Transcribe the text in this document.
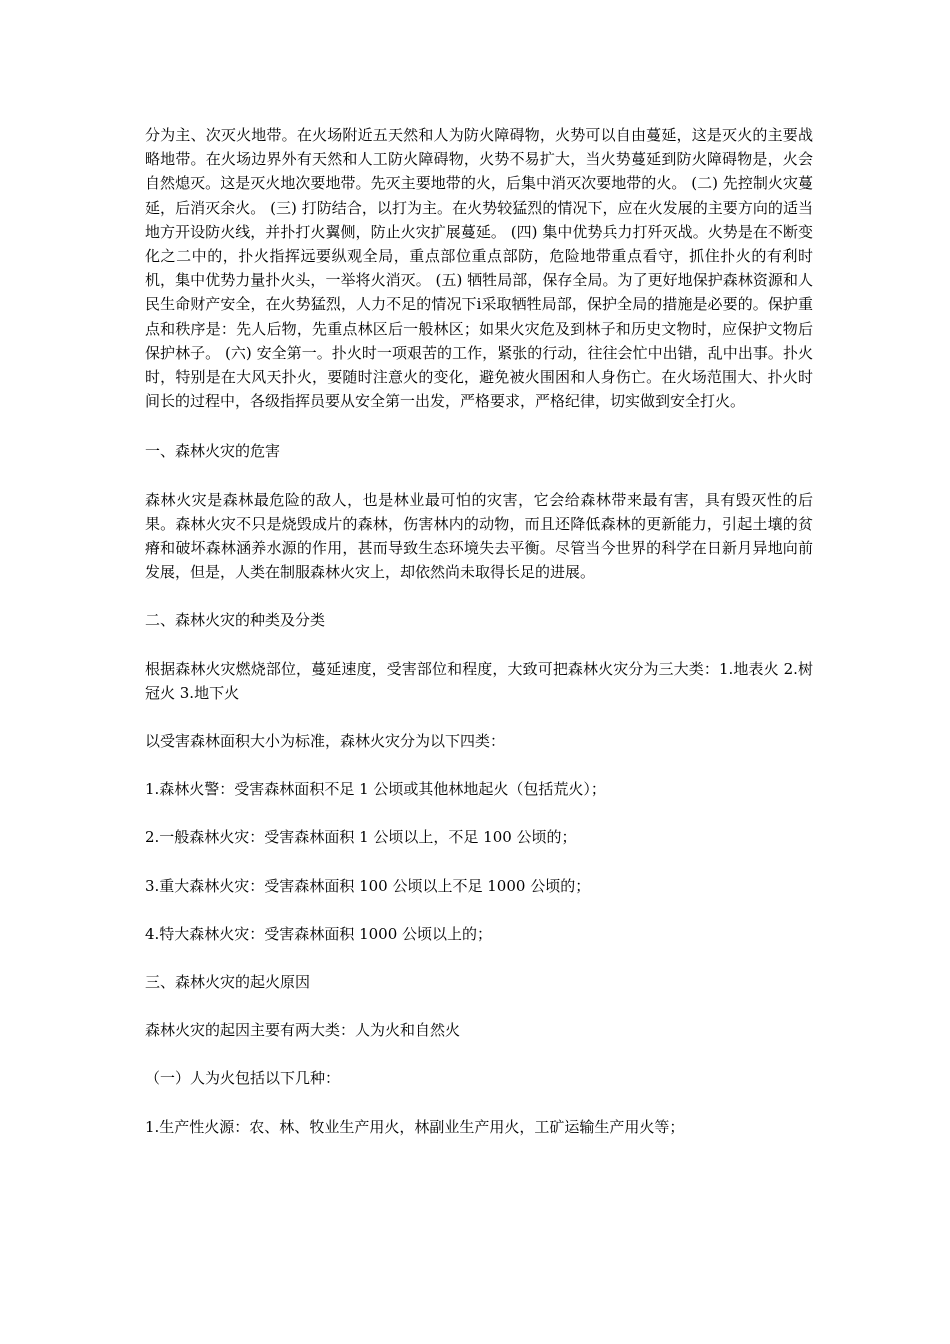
分为主、次灭火地带。在火场附近五天然和人为防火障碍物，火势可以自由蔓延，这是灭火的主要战略地带。在火场边界外有天然和人工防火障碍物，火势不易扩大，当火势蔓延到防火障碍物是，火会自然熄灭。这是灭火地次要地带。先灭主要地带的火，后集中消灭次要地带的火。 (二) 先控制火灾蔓延，后消灭余火。 (三) 打防结合，以打为主。在火势较猛烈的情况下，应在火发展的主要方向的适当地方开设防火线，并扑打火翼侧，防止火灾扩展蔓延。 (四) 集中优势兵力打歼灭战。火势是在不断变化之二中的，扑火指挥远要纵观全局，重点部位重点部防，危险地带重点看守，抓住扑火的有利时机，集中优势力量扑火头，一举将火消灭。 (五) 牺牲局部，保存全局。为了更好地保护森林资源和人民生命财产安全，在火势猛烈，人力不足的情况下i采取牺牲局部，保护全局的措施是必要的。保护重点和秩序是：先人后物，先重点林区后一般林区；如果火灾危及到林子和历史文物时，应保护文物后保护林子。 (六) 安全第一。扑火时一项艰苦的工作，紧张的行动，往往会忙中出错，乱中出事。扑火时，特别是在大风天扑火，要随时注意火的变化，避免被火围困和人身伤亡。在火场范围大、扑火时间长的过程中，各级指挥员要从安全第一出发，严格要求，严格纪律，切实做到安全打火。

一、森林火灾的危害

森林火灾是森林最危险的敌人，也是林业最可怕的灾害，它会给森林带来最有害，具有毁灭性的后果。森林火灾不只是烧毁成片的森林，伤害林内的动物，而且还降低森林的更新能力，引起土壤的贫瘠和破坏森林涵养水源的作用，甚而导致生态环境失去平衡。尽管当今世界的科学在日新月异地向前发展，但是，人类在制服森林火灾上，却依然尚未取得长足的进展。

二、森林火灾的种类及分类

根据森林火灾燃烧部位，蔓延速度，受害部位和程度，大致可把森林火灾分为三大类：1.地表火 2.树冠火 3.地下火

以受害森林面积大小为标准，森林火灾分为以下四类：

1.森林火警：受害森林面积不足 1 公顷或其他林地起火（包括荒火）；

2.一般森林火灾：受害森林面积 1 公顷以上，不足 100 公顷的；

3.重大森林火灾：受害森林面积 100 公顷以上不足 1000 公顷的；

4.特大森林火灾：受害森林面积 1000 公顷以上的；

三、森林火灾的起火原因

森林火灾的起因主要有两大类：人为火和自然火

（一）人为火包括以下几种：

1.生产性火源：农、林、牧业生产用火，林副业生产用火，工矿运输生产用火等；
